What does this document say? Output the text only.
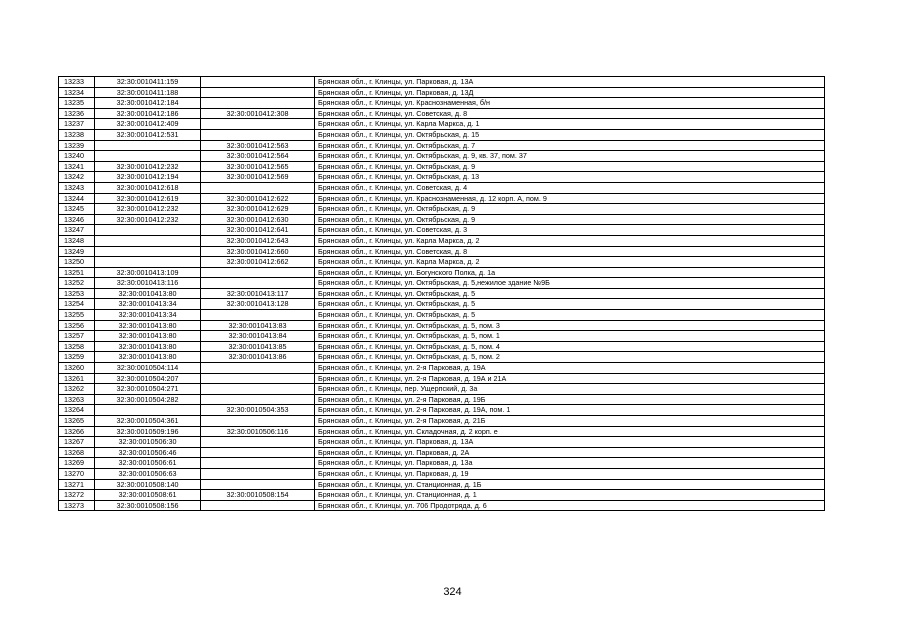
13233	32:30:0010411:159		Брянская обл., г. Клинцы, ул. Парковая, д. 13А
13234	32:30:0010411:188		Брянская обл., г. Клинцы, ул. Парковая, д. 13Д
13235	32:30:0010412:184		Брянская обл., г. Клинцы, ул. Краснознаменная, б/н
13236	32:30:0010412:186	32:30:0010412:308	Брянская обл., г. Клинцы, ул. Советская, д. 8
13237	32:30:0010412:409		Брянская обл., г. Клинцы, ул. Карла Маркса, д. 1
13238	32:30:0010412:531		Брянская обл., г. Клинцы, ул. Октябрьская, д. 15
13239		32:30:0010412:563	Брянская обл., г. Клинцы, ул. Октябрьская, д. 7
13240		32:30:0010412:564	Брянская обл., г. Клинцы, ул. Октябрьская, д. 9, кв. 37, пом. 37
13241	32:30:0010412:232	32:30:0010412:565	Брянская обл., г. Клинцы, ул. Октябрьская, д. 9
13242	32:30:0010412:194	32:30:0010412:569	Брянская обл., г. Клинцы, ул. Октябрьская, д. 13
13243	32:30:0010412:618		Брянская обл., г. Клинцы, ул. Советская, д. 4
13244	32:30:0010412:619	32:30:0010412:622	Брянская обл., г. Клинцы, ул. Краснознаменная, д. 12 корп. А, пом. 9
13245	32:30:0010412:232	32:30:0010412:629	Брянская обл., г. Клинцы, ул. Октябрьская, д. 9
13246	32:30:0010412:232	32:30:0010412:630	Брянская обл., г. Клинцы, ул. Октябрьская, д. 9
13247		32:30:0010412:641	Брянская обл., г. Клинцы, ул. Советская, д. 3
13248		32:30:0010412:643	Брянская обл., г. Клинцы, ул. Карла Маркса, д. 2
13249		32:30:0010412:660	Брянская обл., г. Клинцы, ул. Советская, д. 8
13250		32:30:0010412:662	Брянская обл., г. Клинцы, ул. Карла Маркса, д. 2
13251	32:30:0010413:109		Брянская обл., г. Клинцы, ул. Богунского Полка, д. 1а
13252	32:30:0010413:116		Брянская обл., г. Клинцы, ул. Октябрьская, д. 5,нежилое здание №9Б
13253	32:30:0010413:80	32:30:0010413:117	Брянская обл., г. Клинцы, ул. Октябрьская, д. 5
13254	32:30:0010413:34	32:30:0010413:128	Брянская обл., г. Клинцы, ул. Октябрьская, д. 5
13255	32:30:0010413:34		Брянская обл., г. Клинцы, ул. Октябрьская, д. 5
13256	32:30:0010413:80	32:30:0010413:83	Брянская обл., г. Клинцы, ул. Октябрьская, д. 5, пом. 3
13257	32:30:0010413:80	32:30:0010413:84	Брянская обл., г. Клинцы, ул. Октябрьская, д. 5, пом. 1
13258	32:30:0010413:80	32:30:0010413:85	Брянская обл., г. Клинцы, ул. Октябрьская, д. 5, пом. 4
13259	32:30:0010413:80	32:30:0010413:86	Брянская обл., г. Клинцы, ул. Октябрьская, д. 5, пом. 2
13260	32:30:0010504:114		Брянская обл., г. Клинцы, ул. 2-я Парковая, д. 19А
13261	32:30:0010504:207		Брянская обл., г. Клинцы, ул. 2-я Парковая, д. 19А и 21А
13262	32:30:0010504:271		Брянская обл., г. Клинцы, пер. Ущерпский, д. 3а
13263	32:30:0010504:282		Брянская обл., г. Клинцы, ул. 2-я Парковая, д. 19Б
13264		32:30:0010504:353	Брянская обл., г. Клинцы, ул. 2-я Парковая, д. 19А, пом. 1
13265	32:30:0010504:361		Брянская обл., г. Клинцы, ул. 2-я Парковая, д. 21Б
13266	32:30:0010509:196	32:30:0010506:116	Брянская обл., г. Клинцы, ул. Складочная, д. 2 корп. е
13267	32:30:0010506:30		Брянская обл., г. Клинцы, ул. Парковая, д. 13А
13268	32:30:0010506:46		Брянская обл., г. Клинцы, ул. Парковая, д. 2А
13269	32:30:0010506:61		Брянская обл., г. Клинцы, ул. Парковая, д. 13а
13270	32:30:0010506:63		Брянская обл., г. Клинцы, ул. Парковая, д. 19
13271	32:30:0010508:140		Брянская обл., г. Клинцы, ул. Станционная, д. 1Б
13272	32:30:0010508:61	32:30:0010508:154	Брянская обл., г. Клинцы, ул. Станционная, д. 1
13273	32:30:0010508:156		Брянская обл., г. Клинцы, ул. 706 Продотряда, д. 6
324
